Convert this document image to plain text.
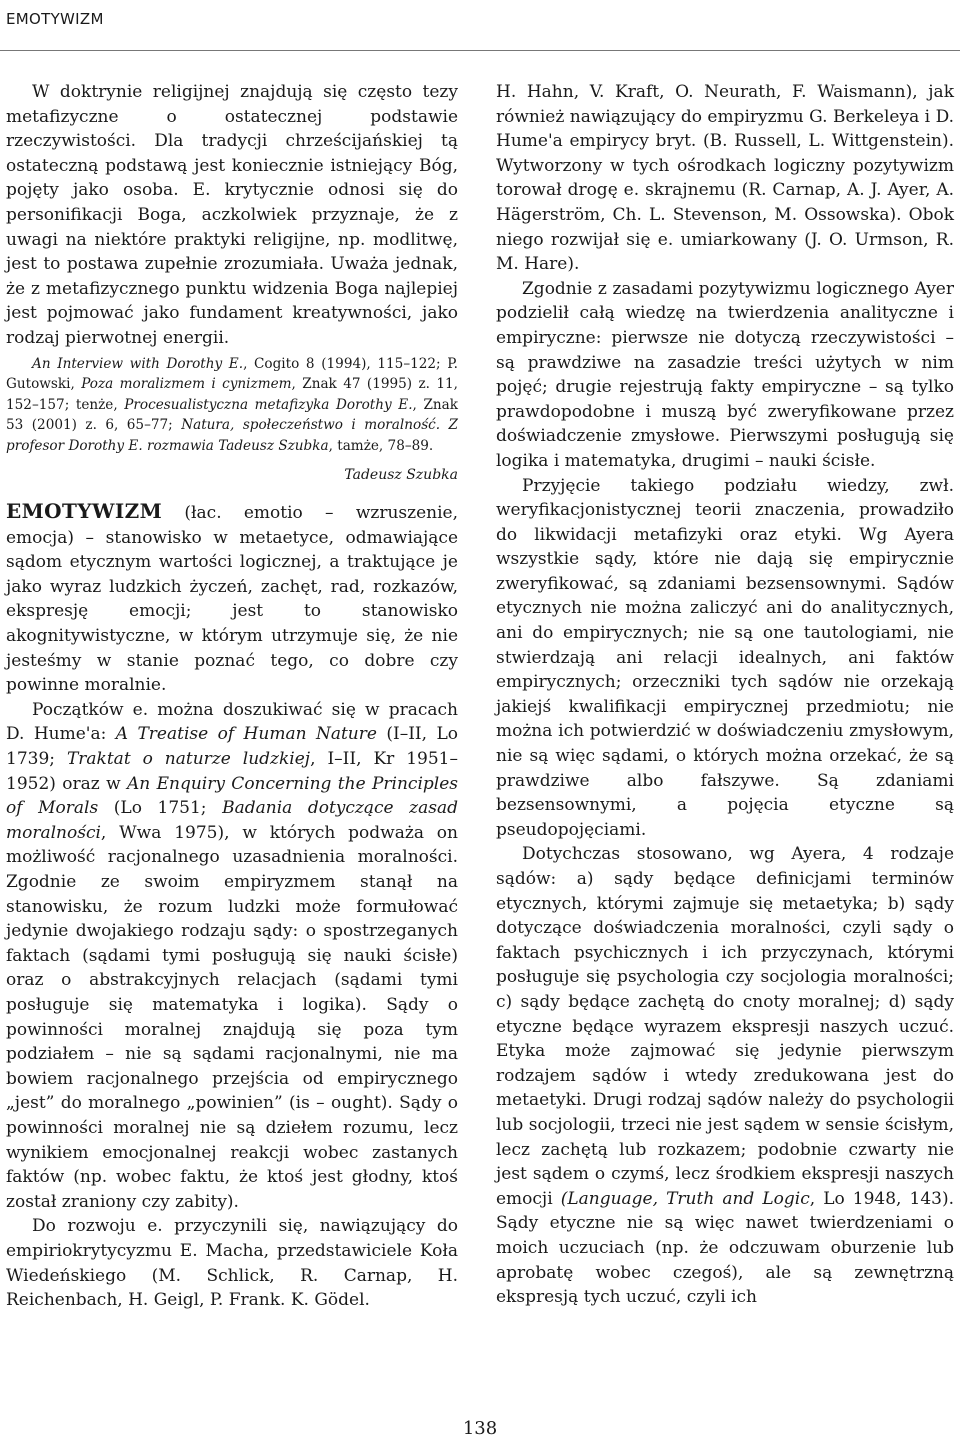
EMOTYWIZM

W doktrynie religijnej znajdują się często tezy metafizyczne o ostatecznej podstawie rzeczywistości. Dla tradycji chrześcijańskiej tą ostateczną podstawą jest koniecznie istniejący Bóg, pojęty jako osoba. E. krytycznie odnosi się do personifikacji Boga, aczkolwiek przyznaje, że z uwagi na niektóre praktyki religijne, np. modlitwę, jest to postawa zupełnie zrozumiała. Uważa jednak, że z metafizycznego punktu widzenia Boga najlepiej jest pojmować jako fundament kreatywności, jako rodzaj pierwotnej energii.

An Interview with Dorothy E., Cogito 8 (1994), 115–122; P. Gutowski, Poza moralizmem i cynizmem, Znak 47 (1995) z. 11, 152–157; tenże, Procesualistyczna metafizyka Dorothy E., Znak 53 (2001) z. 6, 65–77; Natura, społeczeństwo i moralność. Z profesor Dorothy E. rozmawia Tadeusz Szubka, tamże, 78–89.

Tadeusz Szubka

EMOTYWIZM (łac. emotio – wzruszenie, emocja) – stanowisko w metaetyce, odmawiające sądom etycznym wartości logicznej, a traktujące je jako wyraz ludzkich życzeń, zachęt, rad, rozkazów, ekspresję emocji; jest to stanowisko akognitywistyczne, w którym utrzymuje się, że nie jesteśmy w stanie poznać tego, co dobre czy powinne moralnie.

Początków e. można doszukiwać się w pracach D. Hume'a: A Treatise of Human Nature (I–II, Lo 1739; Traktat o naturze ludzkiej, I–II, Kr 1951–1952) oraz w An Enquiry Concerning the Principles of Morals (Lo 1751; Badania dotyczące zasad moralności, Wwa 1975), w których podważa on możliwość racjonalnego uzasadnienia moralności. Zgodnie ze swoim empiryzmem stanął na stanowisku, że rozum ludzki może formułować jedynie dwojakiego rodzaju sądy: o spostrzeganych faktach (sądami tymi posługują się nauki ścisłe) oraz o abstrakcyjnych relacjach (sądami tymi posługuje się matematyka i logika). Sądy o powinności moralnej znajdują się poza tym podziałem – nie są sądami racjonalnymi, nie ma bowiem racjonalnego przejścia od empirycznego „jest” do moralnego „powinien” (is – ought). Sądy o powinności moralnej nie są dziełem rozumu, lecz wynikiem emocjonalnej reakcji wobec zastanych faktów (np. wobec faktu, że ktoś jest głodny, ktoś został zraniony czy zabity).

Do rozwoju e. przyczynili się, nawiązujący do empiriokrytycyzmu E. Macha, przedstawiciele Koła Wiedeńskiego (M. Schlick, R. Carnap, H. Reichenbach, H. Geigl, P. Frank. K. Gödel.

H. Hahn, V. Kraft, O. Neurath, F. Waismann), jak również nawiązujący do empiryzmu G. Berkeleya i D. Hume'a empirycy bryt. (B. Russell, L. Wittgenstein). Wytworzony w tych ośrodkach logiczny pozytywizm torował drogę e. skrajnemu (R. Carnap, A. J. Ayer, A. Hägerström, Ch. L. Stevenson, M. Ossowska). Obok niego rozwijał się e. umiarkowany (J. O. Urmson, R. M. Hare).

Zgodnie z zasadami pozytywizmu logicznego Ayer podzielił całą wiedzę na twierdzenia analityczne i empiryczne: pierwsze nie dotyczą rzeczywistości – są prawdziwe na zasadzie treści użytych w nim pojęć; drugie rejestrują fakty empiryczne – są tylko prawdopodobne i muszą być zweryfikowane przez doświadczenie zmysłowe. Pierwszymi posługują się logika i matematyka, drugimi – nauki ścisłe.

Przyjęcie takiego podziału wiedzy, zwł. weryfikacjonistycznej teorii znaczenia, prowadziło do likwidacji metafizyki oraz etyki. Wg Ayera wszystkie sądy, które nie dają się empirycznie zweryfikować, są zdaniami bezsensownymi. Sądów etycznych nie można zaliczyć ani do analitycznych, ani do empirycznych; nie są one tautologiami, nie stwierdzają ani relacji idealnych, ani faktów empirycznych; orzeczniki tych sądów nie orzekają jakiejś kwalifikacji empirycznej przedmiotu; nie można ich potwierdzić w doświadczeniu zmysłowym, nie są więc sądami, o których można orzekać, że są prawdziwe albo fałszywe. Są zdaniami bezsensownymi, a pojęcia etyczne są pseudopojęciami.

Dotychczas stosowano, wg Ayera, 4 rodzaje sądów: a) sądy będące definicjami terminów etycznych, którymi zajmuje się metaetyka; b) sądy dotyczące doświadczenia moralności, czyli sądy o faktach psychicznych i ich przyczynach, którymi posługuje się psychologia czy socjologia moralności; c) sądy będące zachętą do cnoty moralnej; d) sądy etyczne będące wyrazem ekspresji naszych uczuć. Etyka może zajmować się jedynie pierwszym rodzajem sądów i wtedy zredukowana jest do metaetyki. Drugi rodzaj sądów należy do psychologii lub socjologii, trzeci nie jest sądem w sensie ścisłym, lecz zachętą lub rozkazem; podobnie czwarty nie jest sądem o czymś, lecz środkiem ekspresji naszych emocji (Language, Truth and Logic, Lo 1948, 143). Sądy etyczne nie są więc nawet twierdzeniami o moich uczuciach (np. że odczuwam oburzenie lub aprobatę wobec czegoś), ale są zewnętrzną ekspresją tych uczuć, czyli ich

138
